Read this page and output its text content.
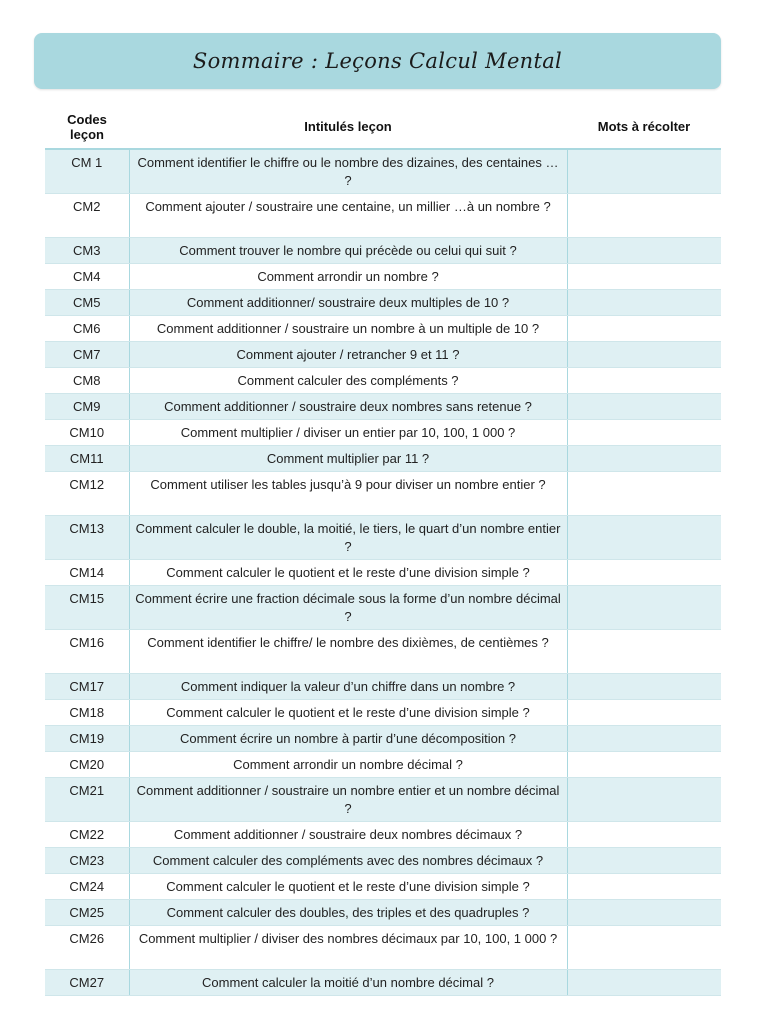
Sommaire : Leçons Calcul Mental
Codes leçon	Intitulés leçon	Mots à récolter
CM 1	Comment identifier le chiffre ou le nombre des dizaines, des centaines … ?	
CM2	Comment ajouter / soustraire une centaine, un millier …à un nombre ?	
CM3	Comment trouver le nombre qui précède ou celui qui suit ?	
CM4	Comment arrondir un nombre ?	
CM5	Comment additionner/ soustraire deux multiples de 10 ?	
CM6	Comment additionner / soustraire un nombre à un multiple de 10 ?	
CM7	Comment ajouter / retrancher 9 et 11 ?	
CM8	Comment calculer des compléments ?	
CM9	Comment additionner / soustraire deux nombres sans retenue ?	
CM10	Comment multiplier / diviser un entier par 10, 100, 1 000 ?	
CM11	Comment multiplier par 11 ?	
CM12	Comment utiliser les tables jusqu’à 9 pour diviser un nombre entier ?	
CM13	Comment calculer le double, la moitié, le tiers, le quart d’un nombre entier ?	
CM14	Comment calculer le quotient et le reste d’une division simple ?	
CM15	Comment écrire une fraction décimale sous la forme d’un nombre décimal ?	
CM16	Comment identifier le chiffre/ le nombre des dixièmes, de centièmes ?	
CM17	Comment indiquer la valeur d’un chiffre dans un nombre ?	
CM18	Comment calculer le quotient et le reste d’une division simple ?	
CM19	Comment écrire un nombre à partir d’une décomposition ?	
CM20	Comment arrondir un nombre décimal ?	
CM21	Comment additionner / soustraire un nombre entier et un nombre décimal ?	
CM22	Comment additionner / soustraire deux nombres décimaux ?	
CM23	Comment calculer des compléments avec des nombres décimaux ?	
CM24	Comment calculer le quotient et le reste d’une division simple ?	
CM25	Comment calculer des doubles, des triples et des quadruples ?	
CM26	Comment multiplier / diviser des nombres décimaux par 10, 100, 1 000 ?	
CM27	Comment calculer la moitié d’un nombre décimal ?	
